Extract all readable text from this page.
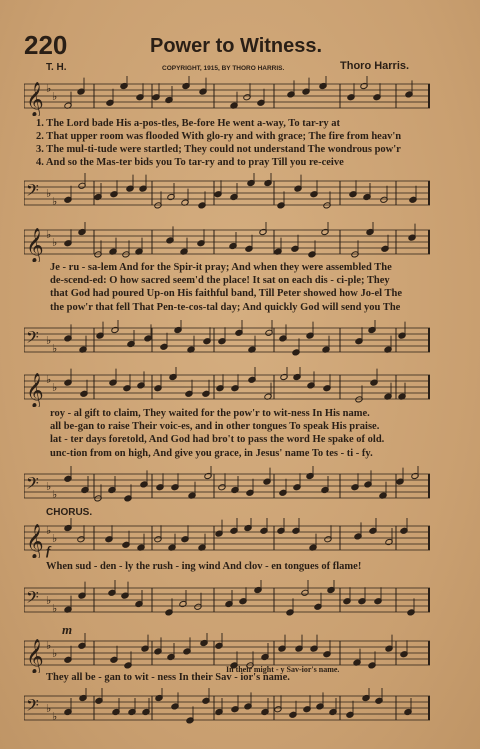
220	Power to Witness.
T. H.	COPYRIGHT, 1915, BY THORO HARRIS.	Thoro Harris.
𝄞 ♭
♭
1. The Lord bade His a-pos-tles, Be-fore He went a-way, To tar-ry at
2. That upper room was flooded With glo-ry and with grace; The fire from heav'n
3. The mul-ti-tude were startled; They could not understand The wondrous pow'r
4. And so the Mas-ter bids you To tar-ry and to pray Till you re-ceive
𝄢 ♭
♭
𝄞 ♭
♭
Je - ru - sa-lem And for the Spir-it pray; And when they were assembled The
de-scend-ed: O how sacred seem'd the place! It sat on each dis - ci-ple; They
that God had poured Up-on His faithful band, Till Peter showed how Jo-el The
the pow'r that fell That Pen-te-cos-tal day; And quickly God will send you The
𝄢 ♭
♭
𝄞 ♭
♭
roy - al gift to claim, They waited for the pow'r to wit-ness In His name.
all be-gan to raise Their voic-es, and in other tongues To speak His praise.
lat - ter days foretold, And God had bro't to pass the word He spake of old.
unc-tion from on high, And give you grace, in Jesus' name To tes - ti - fy.
𝄢 ♭
♭
CHORUS.
f
𝄞 ♭
♭
When sud - den - ly the rush - ing wind And clov - en tongues of flame!
𝄢 ♭
♭
m
𝄞 ♭
♭
In their might - y Sav-ior's name.
They all be - gan to wit - ness In their Sav - ior's name.
𝄢 ♭
♭
